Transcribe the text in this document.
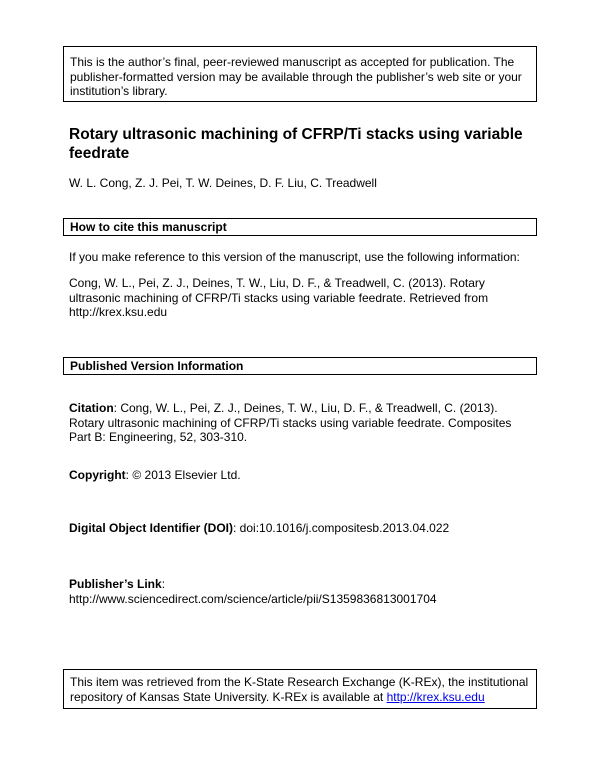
This is the author’s final, peer-reviewed manuscript as accepted for publication. The publisher-formatted version may be available through the publisher’s web site or your institution’s library.
Rotary ultrasonic machining of CFRP/Ti stacks using variable feedrate
W. L. Cong, Z. J. Pei, T. W. Deines, D. F. Liu, C. Treadwell
How to cite this manuscript
If you make reference to this version of the manuscript, use the following information:
Cong, W. L., Pei, Z. J., Deines, T. W., Liu, D. F., & Treadwell, C. (2013). Rotary ultrasonic machining of CFRP/Ti stacks using variable feedrate. Retrieved from http://krex.ksu.edu
Published Version Information
Citation: Cong, W. L., Pei, Z. J., Deines, T. W., Liu, D. F., & Treadwell, C. (2013). Rotary ultrasonic machining of CFRP/Ti stacks using variable feedrate. Composites Part B: Engineering, 52, 303-310.
Copyright: © 2013 Elsevier Ltd.
Digital Object Identifier (DOI): doi:10.1016/j.compositesb.2013.04.022
Publisher’s Link: http://www.sciencedirect.com/science/article/pii/S1359836813001704
This item was retrieved from the K-State Research Exchange (K-REx), the institutional repository of Kansas State University. K-REx is available at http://krex.ksu.edu
